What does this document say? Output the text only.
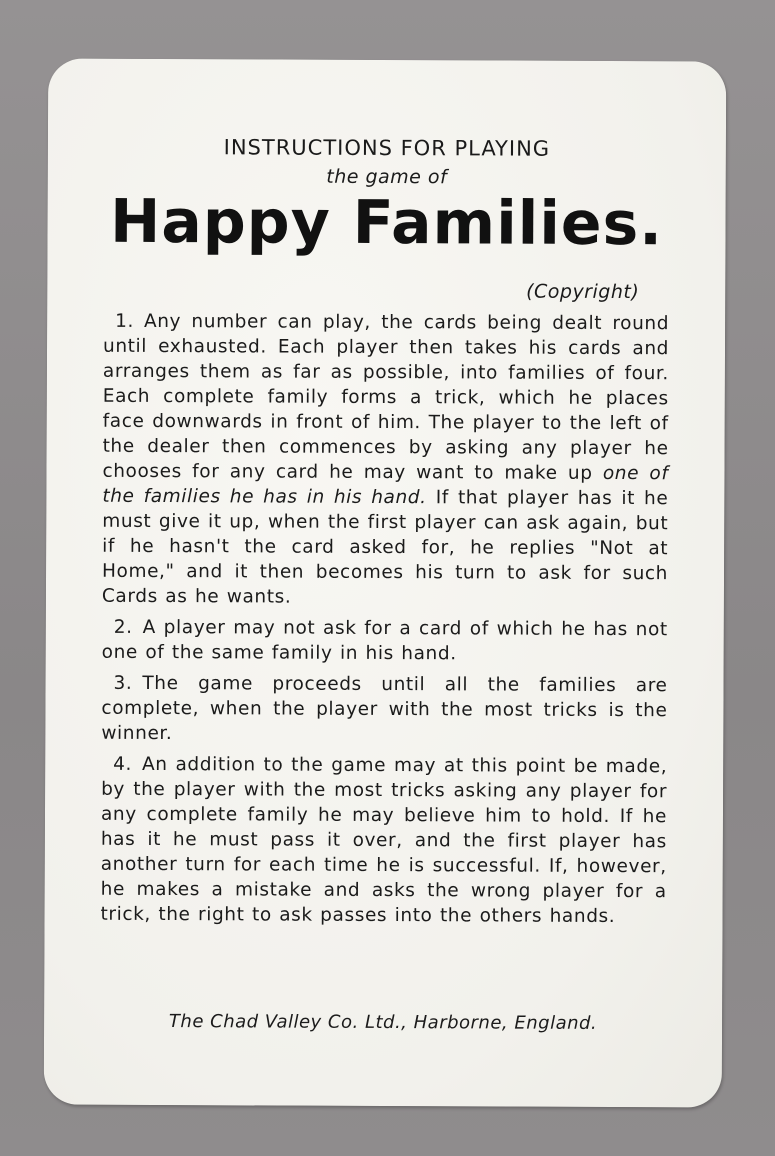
INSTRUCTIONS FOR PLAYING
the game of
Happy Families.
(Copyright)

1. Any number can play, the cards being dealt round until exhausted. Each player then takes his cards and arranges them as far as possible, into families of four. Each complete family forms a trick, which he places face downwards in front of him. The player to the left of the dealer then commences by asking any player he chooses for any card he may want to make up one of the families he has in his hand. If that player has it he must give it up, when the first player can ask again, but if he hasn't the card asked for, he replies "Not at Home," and it then becomes his turn to ask for such Cards as he wants.

2. A player may not ask for a card of which he has not one of the same family in his hand.

3. The game proceeds until all the families are complete, when the player with the most tricks is the winner.

4. An addition to the game may at this point be made, by the player with the most tricks asking any player for any complete family he may believe him to hold. If he has it he must pass it over, and the first player has another turn for each time he is successful. If, however, he makes a mistake and asks the wrong player for a trick, the right to ask passes into the others hands.

The Chad Valley Co. Ltd., Harborne, England.
